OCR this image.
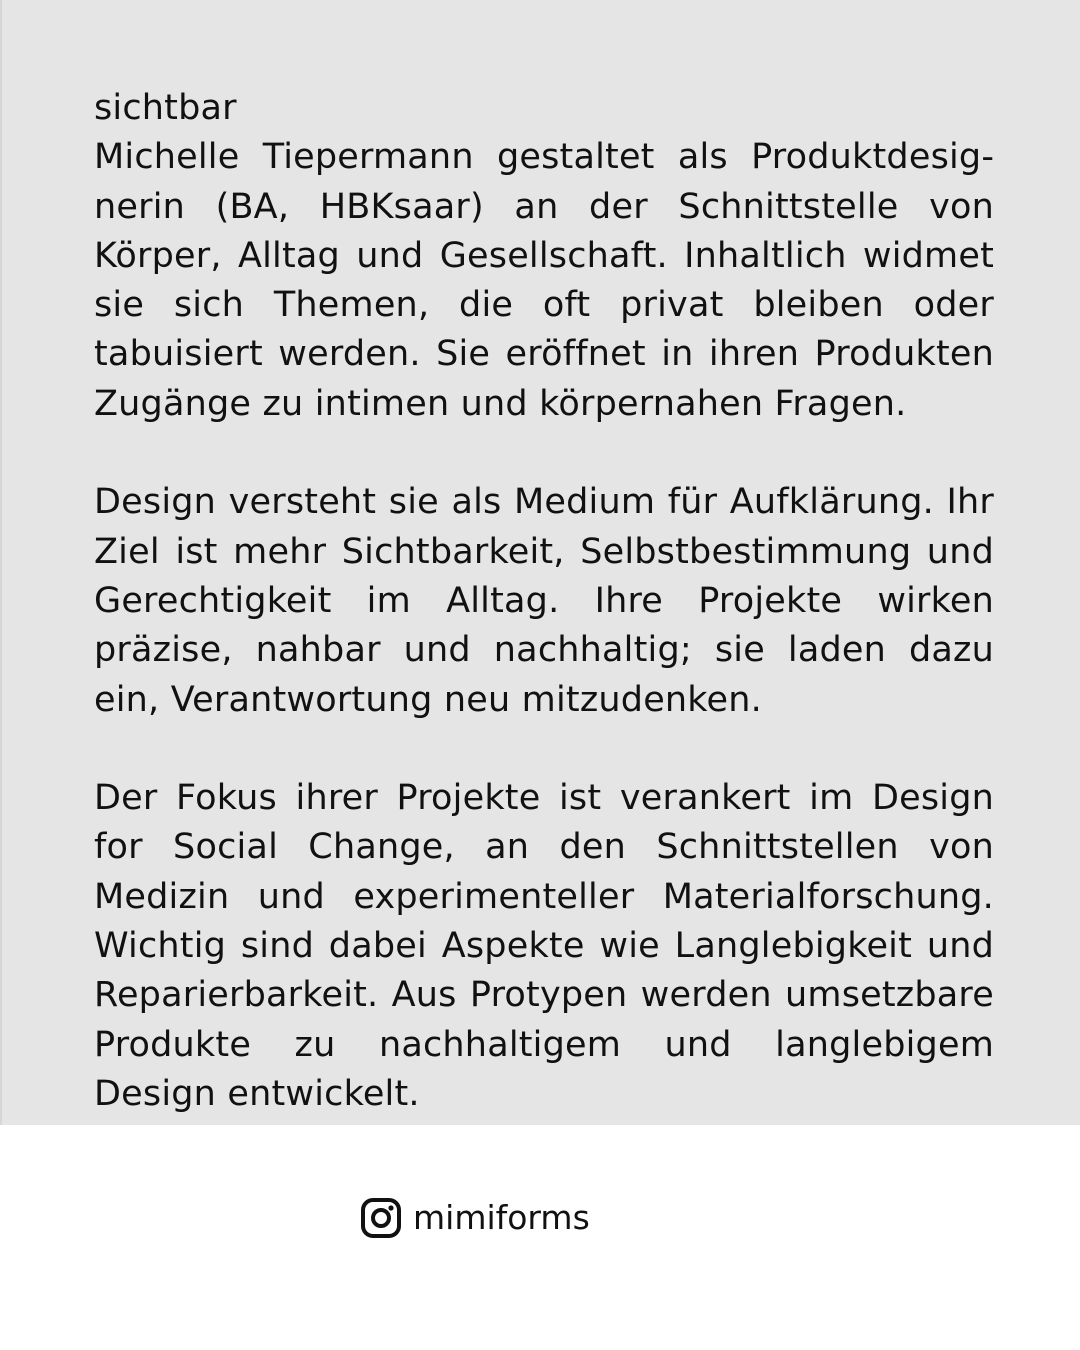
sichtbar

Michelle Tiepermann gestaltet als Produktdesignerin (BA, HBKsaar) an der Schnittstelle von Körper, Alltag und Gesellschaft. Inhaltlich widmet sie sich Themen, die oft privat bleiben oder tabuisiert werden. Sie eröffnet in ihren Produkten Zugänge zu intimen und körpernahen Fragen.

Design versteht sie als Medium für Aufklärung. Ihr Ziel ist mehr Sichtbarkeit, Selbstbestimmung und Gerechtigkeit im Alltag. Ihre Projekte wirken präzise, nahbar und nachhaltig; sie laden dazu ein, Verantwortung neu mitzudenken.

Der Fokus ihrer Projekte ist verankert im Design for Social Change, an den Schnittstellen von Medizin und experimenteller Materialforschung. Wichtig sind dabei Aspekte wie Langlebigkeit und Reparierbarkeit. Aus Protypen werden umsetzbare Produkte zu nachhaltigem und langlebigem Design entwickelt.

mimiforms
